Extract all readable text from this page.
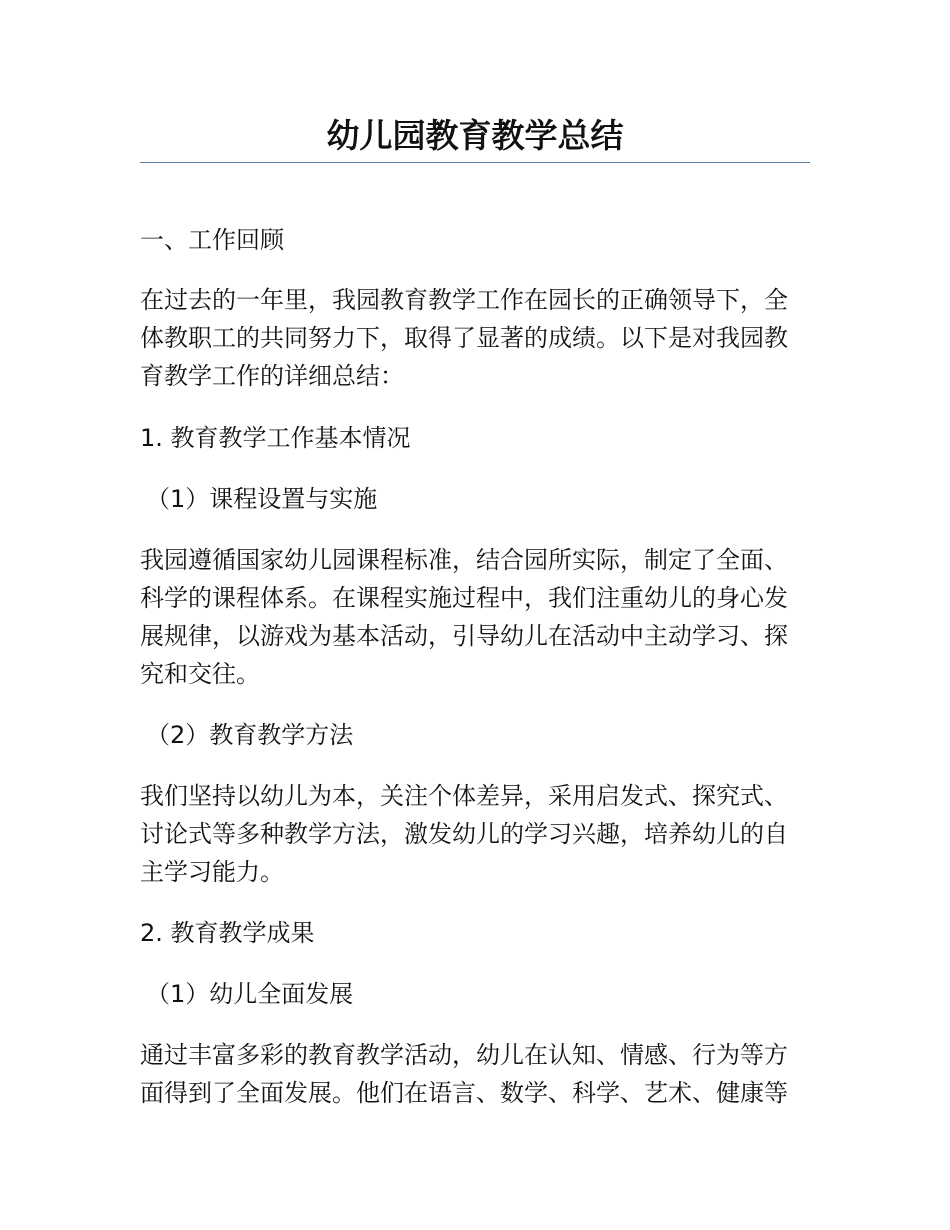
幼儿园教育教学总结

一、工作回顾

在过去的一年里，我园教育教学工作在园长的正确领导下，全

体教职工的共同努力下，取得了显著的成绩。以下是对我园教

育教学工作的详细总结：

1. 教育教学工作基本情况

（1）课程设置与实施

我园遵循国家幼儿园课程标准，结合园所实际，制定了全面、

科学的课程体系。在课程实施过程中，我们注重幼儿的身心发

展规律，以游戏为基本活动，引导幼儿在活动中主动学习、探

究和交往。

（2）教育教学方法

我们坚持以幼儿为本，关注个体差异，采用启发式、探究式、

讨论式等多种教学方法，激发幼儿的学习兴趣，培养幼儿的自

主学习能力。

2. 教育教学成果

（1）幼儿全面发展

通过丰富多彩的教育教学活动，幼儿在认知、情感、行为等方

面得到了全面发展。他们在语言、数学、科学、艺术、健康等
